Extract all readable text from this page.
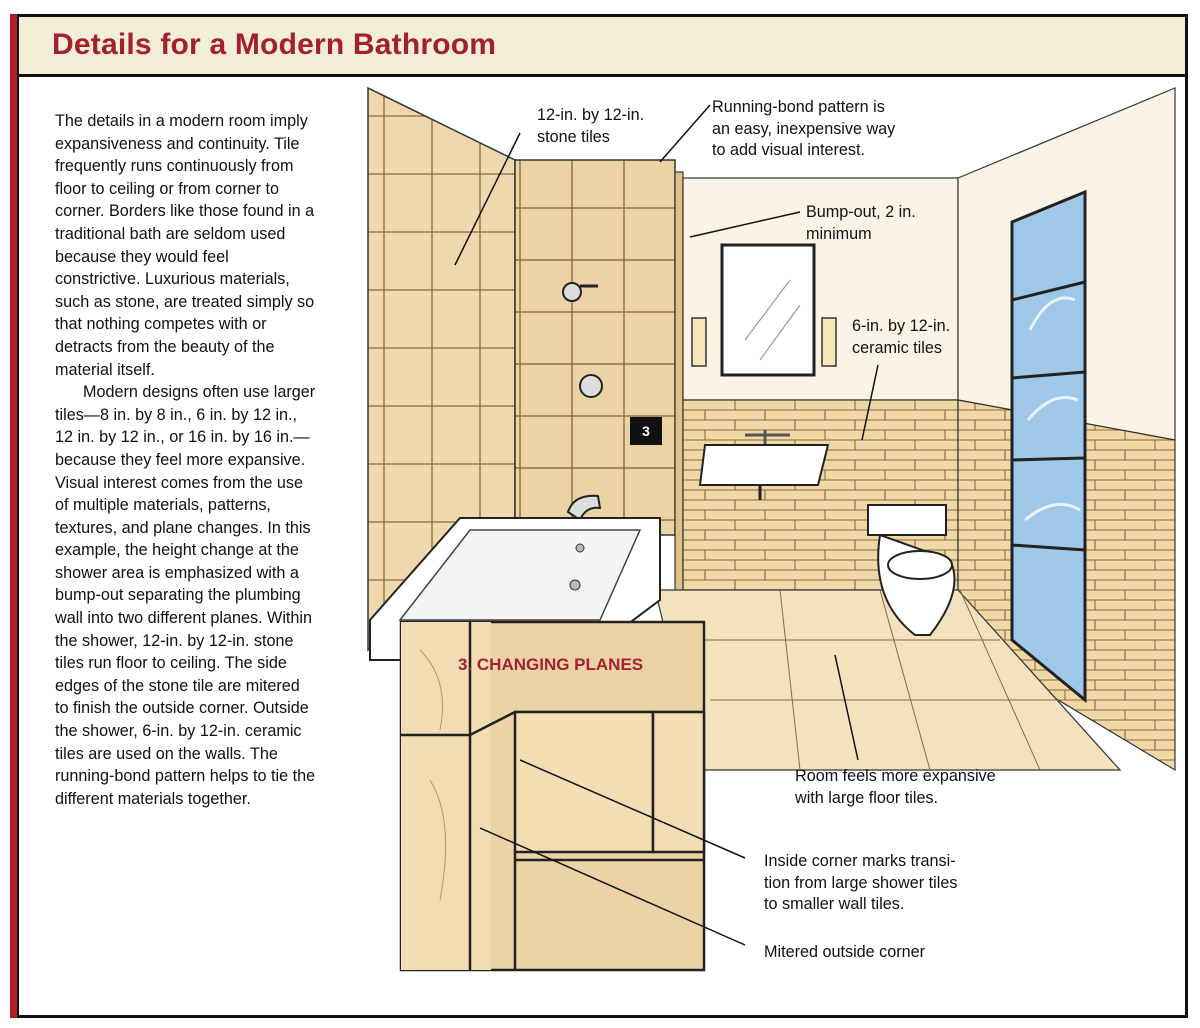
Details for a Modern Bathroom

The details in a modern room imply expansiveness and continuity. Tile frequently runs continuously from floor to ceiling or from corner to corner. Borders like those found in a traditional bath are seldom used because they would feel constrictive. Luxurious materials, such as stone, are treated simply so that nothing competes with or detracts from the beauty of the material itself.

Modern designs often use larger tiles—8 in. by 8 in., 6 in. by 12 in., 12 in. by 12 in., or 16 in. by 16 in.—because they feel more expansive. Visual interest comes from the use of multiple materials, patterns, textures, and plane changes. In this example, the height change at the shower area is emphasized with a bump-out separating the plumbing wall into two different planes. Within the shower, 12-in. by 12-in. stone tiles run floor to ceiling. The side edges of the stone tile are mitered to finish the outside corner. Outside the shower, 6-in. by 12-in. ceramic tiles are used on the walls. The running-bond pattern helps to tie the different materials together.

12-in. by 12-in.
stone tiles
Running-bond pattern is
an easy, inexpensive way
to add visual interest.
Bump-out, 2 in.
minimum
6-in. by 12-in.
ceramic tiles
Room feels more expansive
with large floor tiles.
Inside corner marks transi-
tion from large shower tiles
to smaller wall tiles.
Mitered outside corner
3
3. CHANGING PLANES
